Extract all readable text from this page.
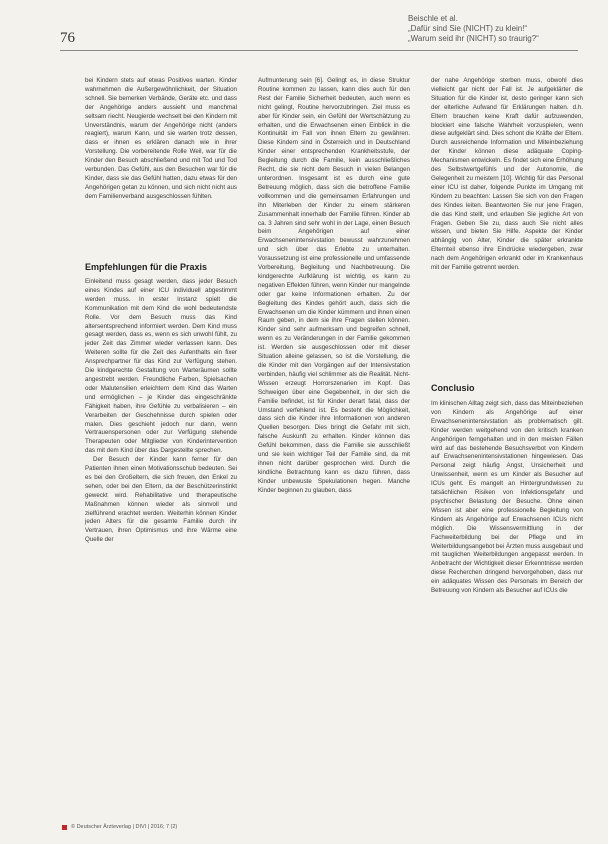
76
Beischle et al.
„Dafür sind Sie (NICHT) zu klein!“
„Warum seid ihr (NICHT) so traurig?“

bei Kindern stets auf etwas Positives warten. Kinder wahrnehmen die Außergewöhnlichkeit, der Situation schnell. Sie bemerken Verbände, Geräte etc. und dass der Angehörige anders aussieht und manchmal seltsam riecht. Neugierde wechselt bei den Kindern mit Unverständnis, warum der Angehörige nicht (anders reagiert), warum Kann, und sie warten trotz dessen, dass er ihnen es erklären danach wie in ihrer Vorstellung. Die vorbereitende Rolle Weil, war für die Kinder den Besuch abschließend und mit Tod und Tod verbunden. Das Gefühl, aus den Besuchen war für die Kinder, dass sie das Gefühl hatten, dazu etwas für den Angehörigen getan zu können, und sich nicht nicht aus dem Familienverband ausgeschlossen fühlten.

Empfehlungen für die Praxis

Einleitend muss gesagt werden, dass jeder Besuch eines Kindes auf einer ICU individuell abgestimmt werden muss. In erster Instanz spielt die Kommunikation mit dem Kind die wohl bedeutendste Rolle. Vor dem Besuch muss das Kind altersentsprechend informiert werden. Dem Kind muss gesagt werden, dass es, wenn es sich unwohl fühlt, zu jeder Zeit das Zimmer wieder verlassen kann. Des Weiteren sollte für die Zeit des Aufenthalts ein fixer Ansprechpartner für das Kind zur Verfügung stehen. Die kindgerechte Gestaltung von Warteräumen sollte angestrebt werden. Freundliche Farben, Spielsachen oder Malutensilien erleichtern dem Kind das Warten und ermöglichen – je Kinder das eingeschränkte Fähigkeit haben, ihre Gefühle zu verbalisieren – ein Verarbeiten der Geschehnisse durch spielen oder malen. Dies geschieht jedoch nur dann, wenn Vertrauenspersonen oder zur Verfügung stehende Therapeuten oder Mitglieder von Kinderintervention das mit dem Kind über das Dargestellte sprechen.

Der Besuch der Kinder kann ferner für den Patienten ihnen einen Motivationsschub bedeuten. Sei es bei den Großeltern, die sich freuen, den Enkel zu sehen, oder bei den Eltern, da der Beschützerinstinkt geweckt wird. Rehabilitative und therapeutische Maßnahmen können wieder als sinnvoll und zielführend erachtet werden. Weiterhin können Kinder jeden Alters für die gesamte Familie durch ihr Vertrauen, ihren Optimismus und ihre Wärme eine Quelle der

Aufmunterung sein [6]. Gelingt es, in diese Struktur Routine kommen zu lassen, kann dies auch für den Rest der Familie Sicherheit bedeuten, auch wenn es nicht gelingt, Routine hervorzubringen. Ziel muss es aber für Kinder sein, ein Gefühl der Wertschätzung zu erhalten, und die Erwachsenen einen Einblick in die Kontinuität im Fall von ihnen Eltern zu gewähren. Diese Kindern sind in Österreich und in Deutschland Kinder einer entsprechenden Krankheitsstufe, der Begleitung durch die Familie, kein ausschließliches Recht, die sie nicht dem Besuch in vielen Belangen unterordnen. Insgesamt ist es durch eine gute Betreuung möglich, dass sich die betroffene Familie vollkommen und die gemeinsamen Erfahrungen und ihn Miterleben der Kinder zu einem stärkeren Zusammenhalt innerhalb der Familie führen. Kinder ab ca. 3 Jahren sind sehr wohl in der Lage, einen Besuch beim Angehörigen auf einer Erwachsenenintensivstation bewusst wahrzunehmen und sich über das Erlebte zu unterhalten. Voraussetzung ist eine professionelle und umfassende Vorbereitung, Begleitung und Nachbetreuung. Die kindgerechte Aufklärung ist wichtig, es kann zu negativen Effekten führen, wenn Kinder nur mangelnde oder gar keine Informationen erhalten. Zu der Begleitung des Kindes gehört auch, dass sich die Erwachsenen um die Kinder kümmern und ihnen einen Raum geben, in dem sie ihre Fragen stellen können. Kinder sind sehr aufmerksam und begreifen schnell, wenn es zu Veränderungen in der Familie gekommen ist. Werden sie ausgeschlossen oder mit dieser Situation alleine gelassen, so ist die Vorstellung, die die Kinder mit den Vorgängen auf der Intensivstation verbinden, häufig viel schlimmer als die Realität. Nicht-Wissen erzeugt Horrorszenarien im Kopf. Das Schweigen über eine Gegebenheit, in der sich die Familie befindet, ist für Kinder derart fatal, dass der Umstand verfehlend ist. Es besteht die Möglichkeit, dass sich die Kinder ihre Informationen von anderen Quellen besorgen. Dies bringt die Gefahr mit sich, falsche Auskunft zu erhalten. Kinder können das Gefühl bekommen, dass die Familie sie ausschließt und sie kein wichtiger Teil der Familie sind, da mit ihnen nicht darüber gesprochen wird. Durch die kindliche Betrachtung kann es dazu führen, dass Kinder unbewuste Spekulationen hegen. Manche Kinder beginnen zu glauben, dass

der nahe Angehörige sterben muss, obwohl dies vielleicht gar nicht der Fall ist. Je aufgeklärter die Situation für die Kinder ist, desto geringer kann sich der elterliche Aufwand für Erklärungen halten. d.h. Eltern brauchen keine Kraft dafür aufzuwenden, blockiert eine falsche Wahrheit vorzuspielen, wenn diese aufgeklärt sind. Dies schont die Kräfte der Eltern. Durch ausreichende Information und Miteinbeziehung der Kinder können diese adäquate Coping-Mechanismen entwickeln. Es findet sich eine Erhöhung des Selbstwertgefühls und der Autonomie, die Gelegenheit zu meistern [10]. Wichtig für das Personal einer ICU ist daher, folgende Punkte im Umgang mit Kindern zu beachten: Lassen Sie sich von den Fragen des Kindes leiten. Beantworten Sie nur jene Fragen, die das Kind stellt, und erlauben Sie jegliche Art von Fragen. Geben Sie zu, dass auch Sie nicht alles wissen, und bieten Sie Hilfe. Aspekte der Kinder abhängig von Alter, Kinder die später erkrankte Elternteil ebenso ihre Eindrücke wiedergeben, zwar nach dem Angehörigen erkrankt oder im Krankenhaus mit der Familie getrennt werden.

Conclusio

Im klinischen Alltag zeigt sich, dass das Miteinbeziehen von Kindern als Angehörige auf einer Erwachsenenintensivstation als problematisch gilt. Kinder werden weitgehend von den kritisch kranken Angehörigen ferngehalten und in den meisten Fällen wird auf das bestehende Besuchsverbot von Kindern auf Erwachsenenintensivstationen hingewiesen. Das Personal zeigt häufig Angst, Unsicherheit und Unwissenheit, wenn es um Kinder als Besucher auf ICUs geht. Es mangelt an Hintergrundwissen zu tatsächlichen Risiken von Infektionsgefahr und psychischer Belastung der Besuche. Ohne einen Wissen ist aber eine professionelle Begleitung von Kindern als Angehörige auf Erwachsenen ICUs nicht möglich. Die Wissensvermittlung in der Fachweiterbildung bei der Pflege und im Weiterbildungsangebot bei Ärzten muss ausgebaut und mit tauglichen Weiterbildungen angepasst werden. In Anbetracht der Wichtigkeit dieser Erkenntnisse werden diese Recherchen dringend hervorgehoben, dass nur ein adäquates Wissen des Personals im Bereich der Betreuung von Kindern als Besucher auf ICUs die

© Deutscher Ärzteverlag | DIVI | 2016; 7 (2)
